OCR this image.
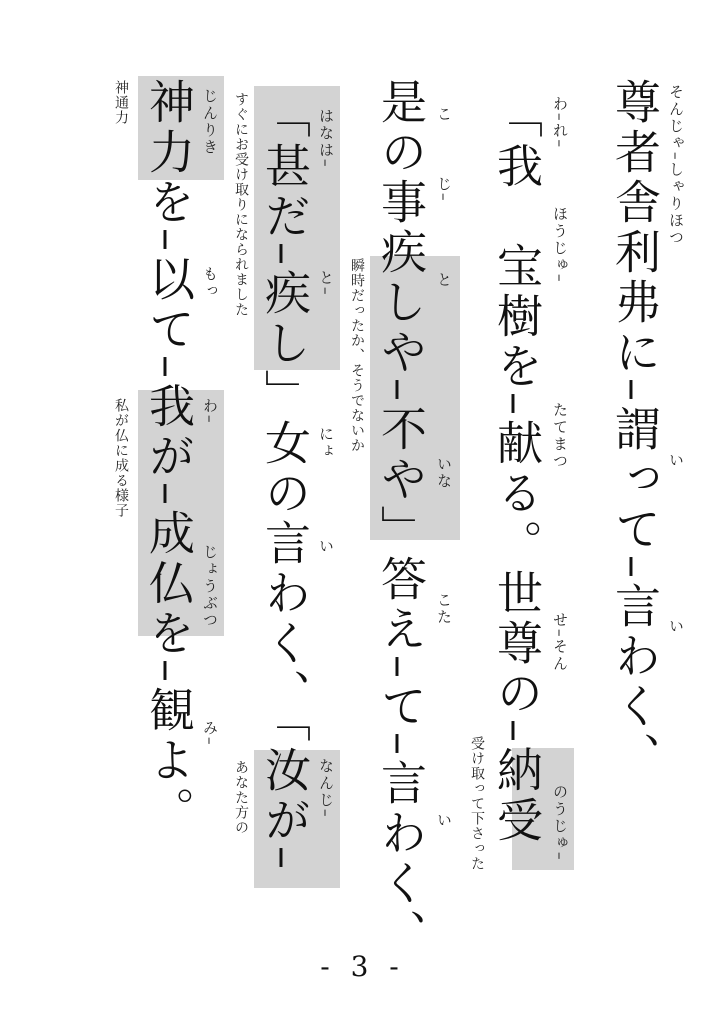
尊者舎利弗に–謂って–言わく、
「我　宝樹を–献る。世尊の–納受
是の事疾しや–不や」答え–て–言わく、
「甚だ–疾し」女の言わく、「汝が–
神力を–以て–我が–成仏を–観よ。	そんじゃ–しゃりほつ
い
い
わ–れ–
ほうじゅ–
たてまつ
せ–そん
のうじゅ–
こ
じ–
と
いな
こた
い
はなは–
と–
にょ
い
なんじ–
じんりき
もっ
わ–
じょうぶつ
み–
受け取って下さった
瞬時だったか、そうでないか
すぐにお受け取りになられました
あなた方の
神通力
私が仏に成る様子
- 3 -
